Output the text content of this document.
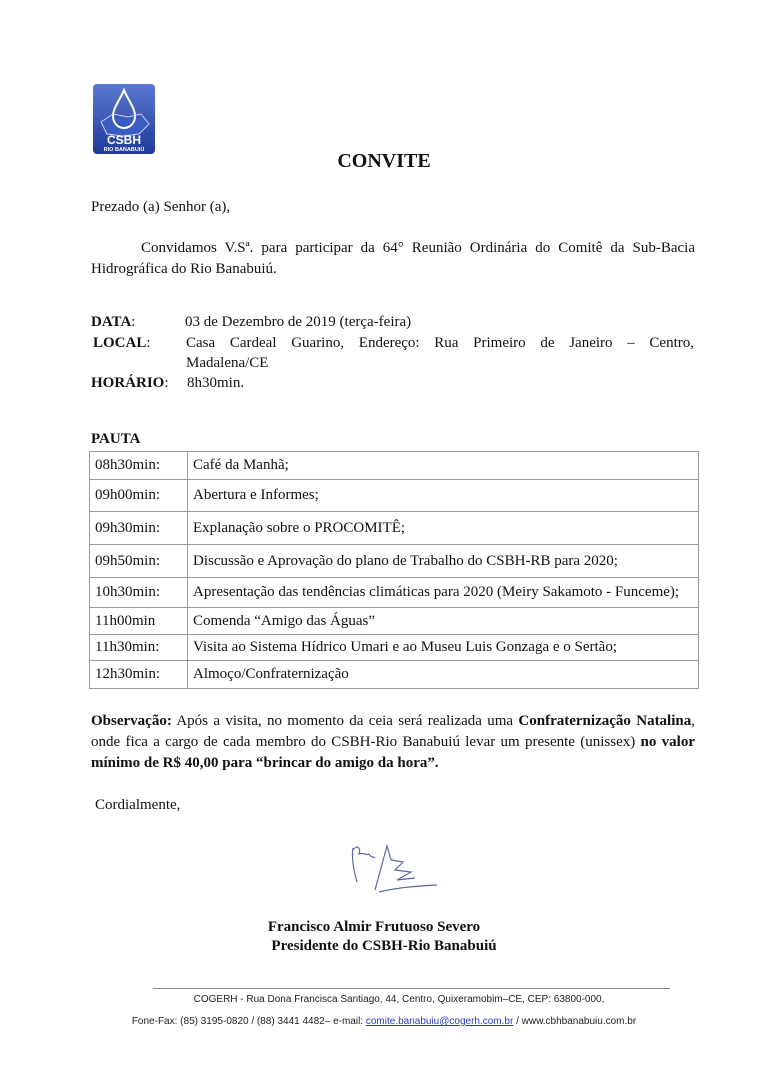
CSBH
RIO BANABUIÚ	CONVITE
Prezado (a) Senhor (a),
Convidamos V.Sª. para participar da 64° Reunião Ordinária do Comitê da Sub-Bacia Hidrográfica do Rio Banabuiú.
DATA:	03 de Dezembro de 2019 (terça-feira)
LOCAL: Casa Cardeal Guarino, Endereço: Rua Primeiro de Janeiro – Centro,
Madalena/CE
HORÁRIO: 8h30min.
PAUTA
08h30min:	Café da Manhã;
09h00min:	Abertura e Informes;
09h30min:	Explanação sobre o PROCOMITÊ;
09h50min:	Discussão e Aprovação do plano de Trabalho do CSBH-RB para 2020;
10h30min:	Apresentação das tendências climáticas para 2020 (Meiry Sakamoto - Funceme);
11h00min	Comenda “Amigo das Águas”
11h30min:	Visita ao Sistema Hídrico Umari e ao Museu Luis Gonzaga e o Sertão;
12h30min:	Almoço/Confraternização
Observação: Após a visita, no momento da ceia será realizada uma Confraternização Natalina, onde fica a cargo de cada membro do CSBH-Rio Banabuiú levar um presente (unissex) no valor mínimo de R$ 40,00 para “brincar do amigo da hora”.
Cordialmente,
Francisco Almir Frutuoso Severo
Presidente do CSBH-Rio Banabuiú
COGERH - Rua Dona Francisca Santiago, 44, Centro, Quixeramobim–CE, CEP: 63800-000,
Fone-Fax: (85) 3195-0820 / (88) 3441 4482– e-mail: comite.banabuiu@cogerh.com.br / www.cbhbanabuiu.com.br
